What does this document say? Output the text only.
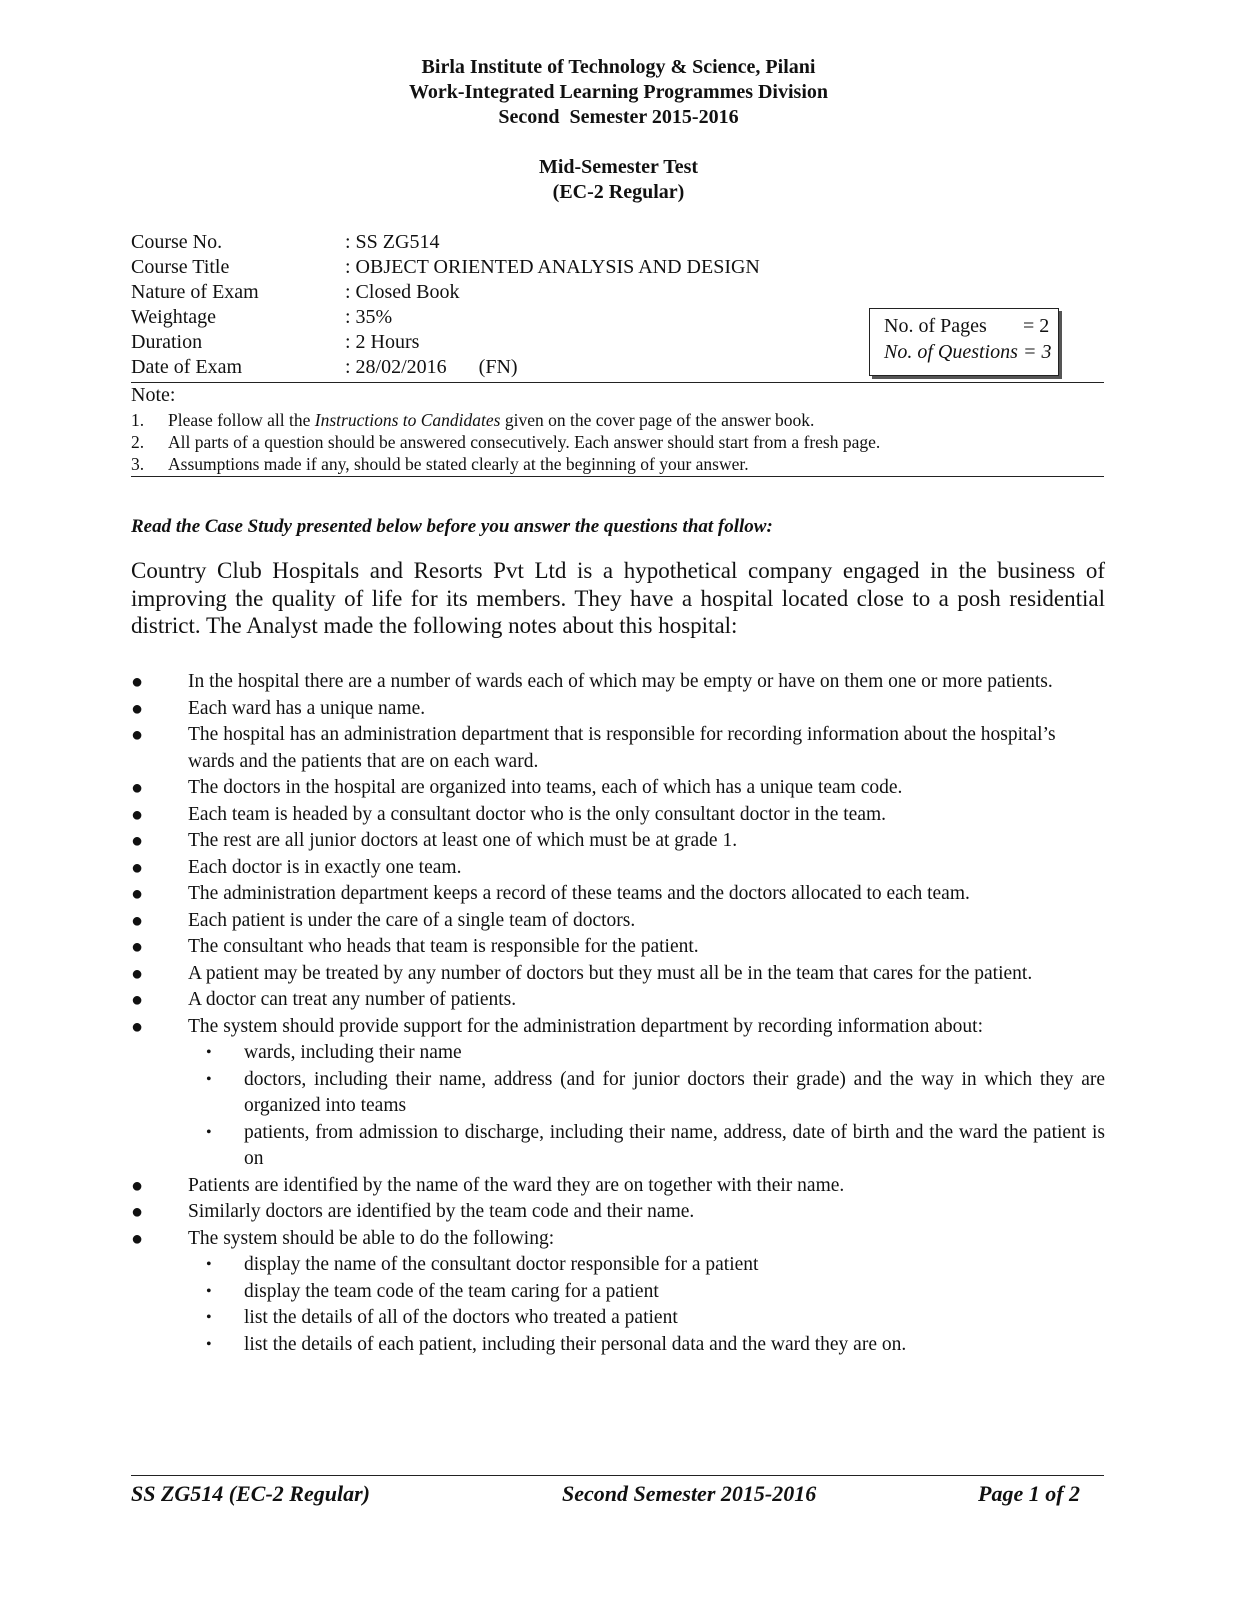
Birla Institute of Technology & Science, Pilani
Work-Integrated Learning Programmes Division
Second  Semester 2015-2016
Mid-Semester Test
(EC-2 Regular)
Course No.	: SS ZG514
Course Title	: OBJECT ORIENTED ANALYSIS AND DESIGN
Nature of Exam	: Closed Book
Weightage	: 35%
Duration	: 2 Hours
Date of Exam	: 28/02/2016 (FN)
No. of Pages = 2
No. of Questions = 3
Note:
1. Please follow all the Instructions to Candidates given on the cover page of the answer book.
2. All parts of a question should be answered consecutively. Each answer should start from a fresh page.
3. Assumptions made if any, should be stated clearly at the beginning of your answer.
Read the Case Study presented below before you answer the questions that follow:
Country Club Hospitals and Resorts Pvt Ltd is a hypothetical company engaged in the business of improving the quality of life for its members. They have a hospital located close to a posh residential district. The Analyst made the following notes about this hospital:
●	In the hospital there are a number of wards each of which may be empty or have on them one or more patients.
●	Each ward has a unique name.
●	The hospital has an administration department that is responsible for recording information about the hospital’s wards and the patients that are on each ward.
●	The doctors in the hospital are organized into teams, each of which has a unique team code.
●	Each team is headed by a consultant doctor who is the only consultant doctor in the team.
●	The rest are all junior doctors at least one of which must be at grade 1.
●	Each doctor is in exactly one team.
●	The administration department keeps a record of these teams and the doctors allocated to each team.
●	Each patient is under the care of a single team of doctors.
●	The consultant who heads that team is responsible for the patient.
●	A patient may be treated by any number of doctors but they must all be in the team that cares for the patient.
●	A doctor can treat any number of patients.
●	The system should provide support for the administration department by recording information about:
• wards, including their name
• doctors, including their name, address (and for junior doctors their grade) and the way in which they are organized into teams
• patients, from admission to discharge, including their name, address, date of birth and the ward the patient is on
●	Patients are identified by the name of the ward they are on together with their name.
●	Similarly doctors are identified by the team code and their name.
●	The system should be able to do the following:
• display the name of the consultant doctor responsible for a patient
• display the team code of the team caring for a patient
• list the details of all of the doctors who treated a patient
• list the details of each patient, including their personal data and the ward they are on.
SS ZG514 (EC-2 Regular)	Second Semester 2015-2016	Page 1 of 2
